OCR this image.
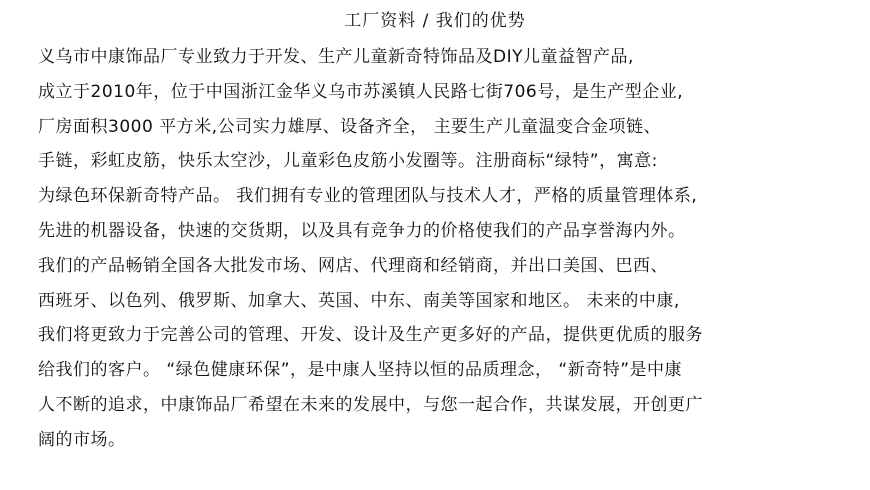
工厂资料 / 我们的优势
义乌市中康饰品厂专业致力于开发、生产儿童新奇特饰品及DIY儿童益智产品,
成立于2010年，位于中国浙江金华义乌市苏溪镇人民路七街706号，是生产型企业,
厂房面积3000 平方米,公司实力雄厚、设备齐全， 主要生产儿童温变合金项链、
手链，彩虹皮筋，快乐太空沙，儿童彩色皮筋小发圈等。注册商标“绿特”，寓意:
为绿色环保新奇特产品。 我们拥有专业的管理团队与技术人才，严格的质量管理体系,
先进的机器设备，快速的交货期，以及具有竞争力的价格使我们的产品享誉海内外。
我们的产品畅销全国各大批发市场、网店、代理商和经销商，并出口美国、巴西、
西班牙、以色列、俄罗斯、加拿大、英国、中东、南美等国家和地区。 未来的中康,
我们将更致力于完善公司的管理、开发、设计及生产更多好的产品，提供更优质的服务
给我们的客户。 “绿色健康环保”，是中康人坚持以恒的品质理念， “新奇特”是中康
人不断的追求，中康饰品厂希望在未来的发展中，与您一起合作，共谋发展，开创更广
阔的市场。
